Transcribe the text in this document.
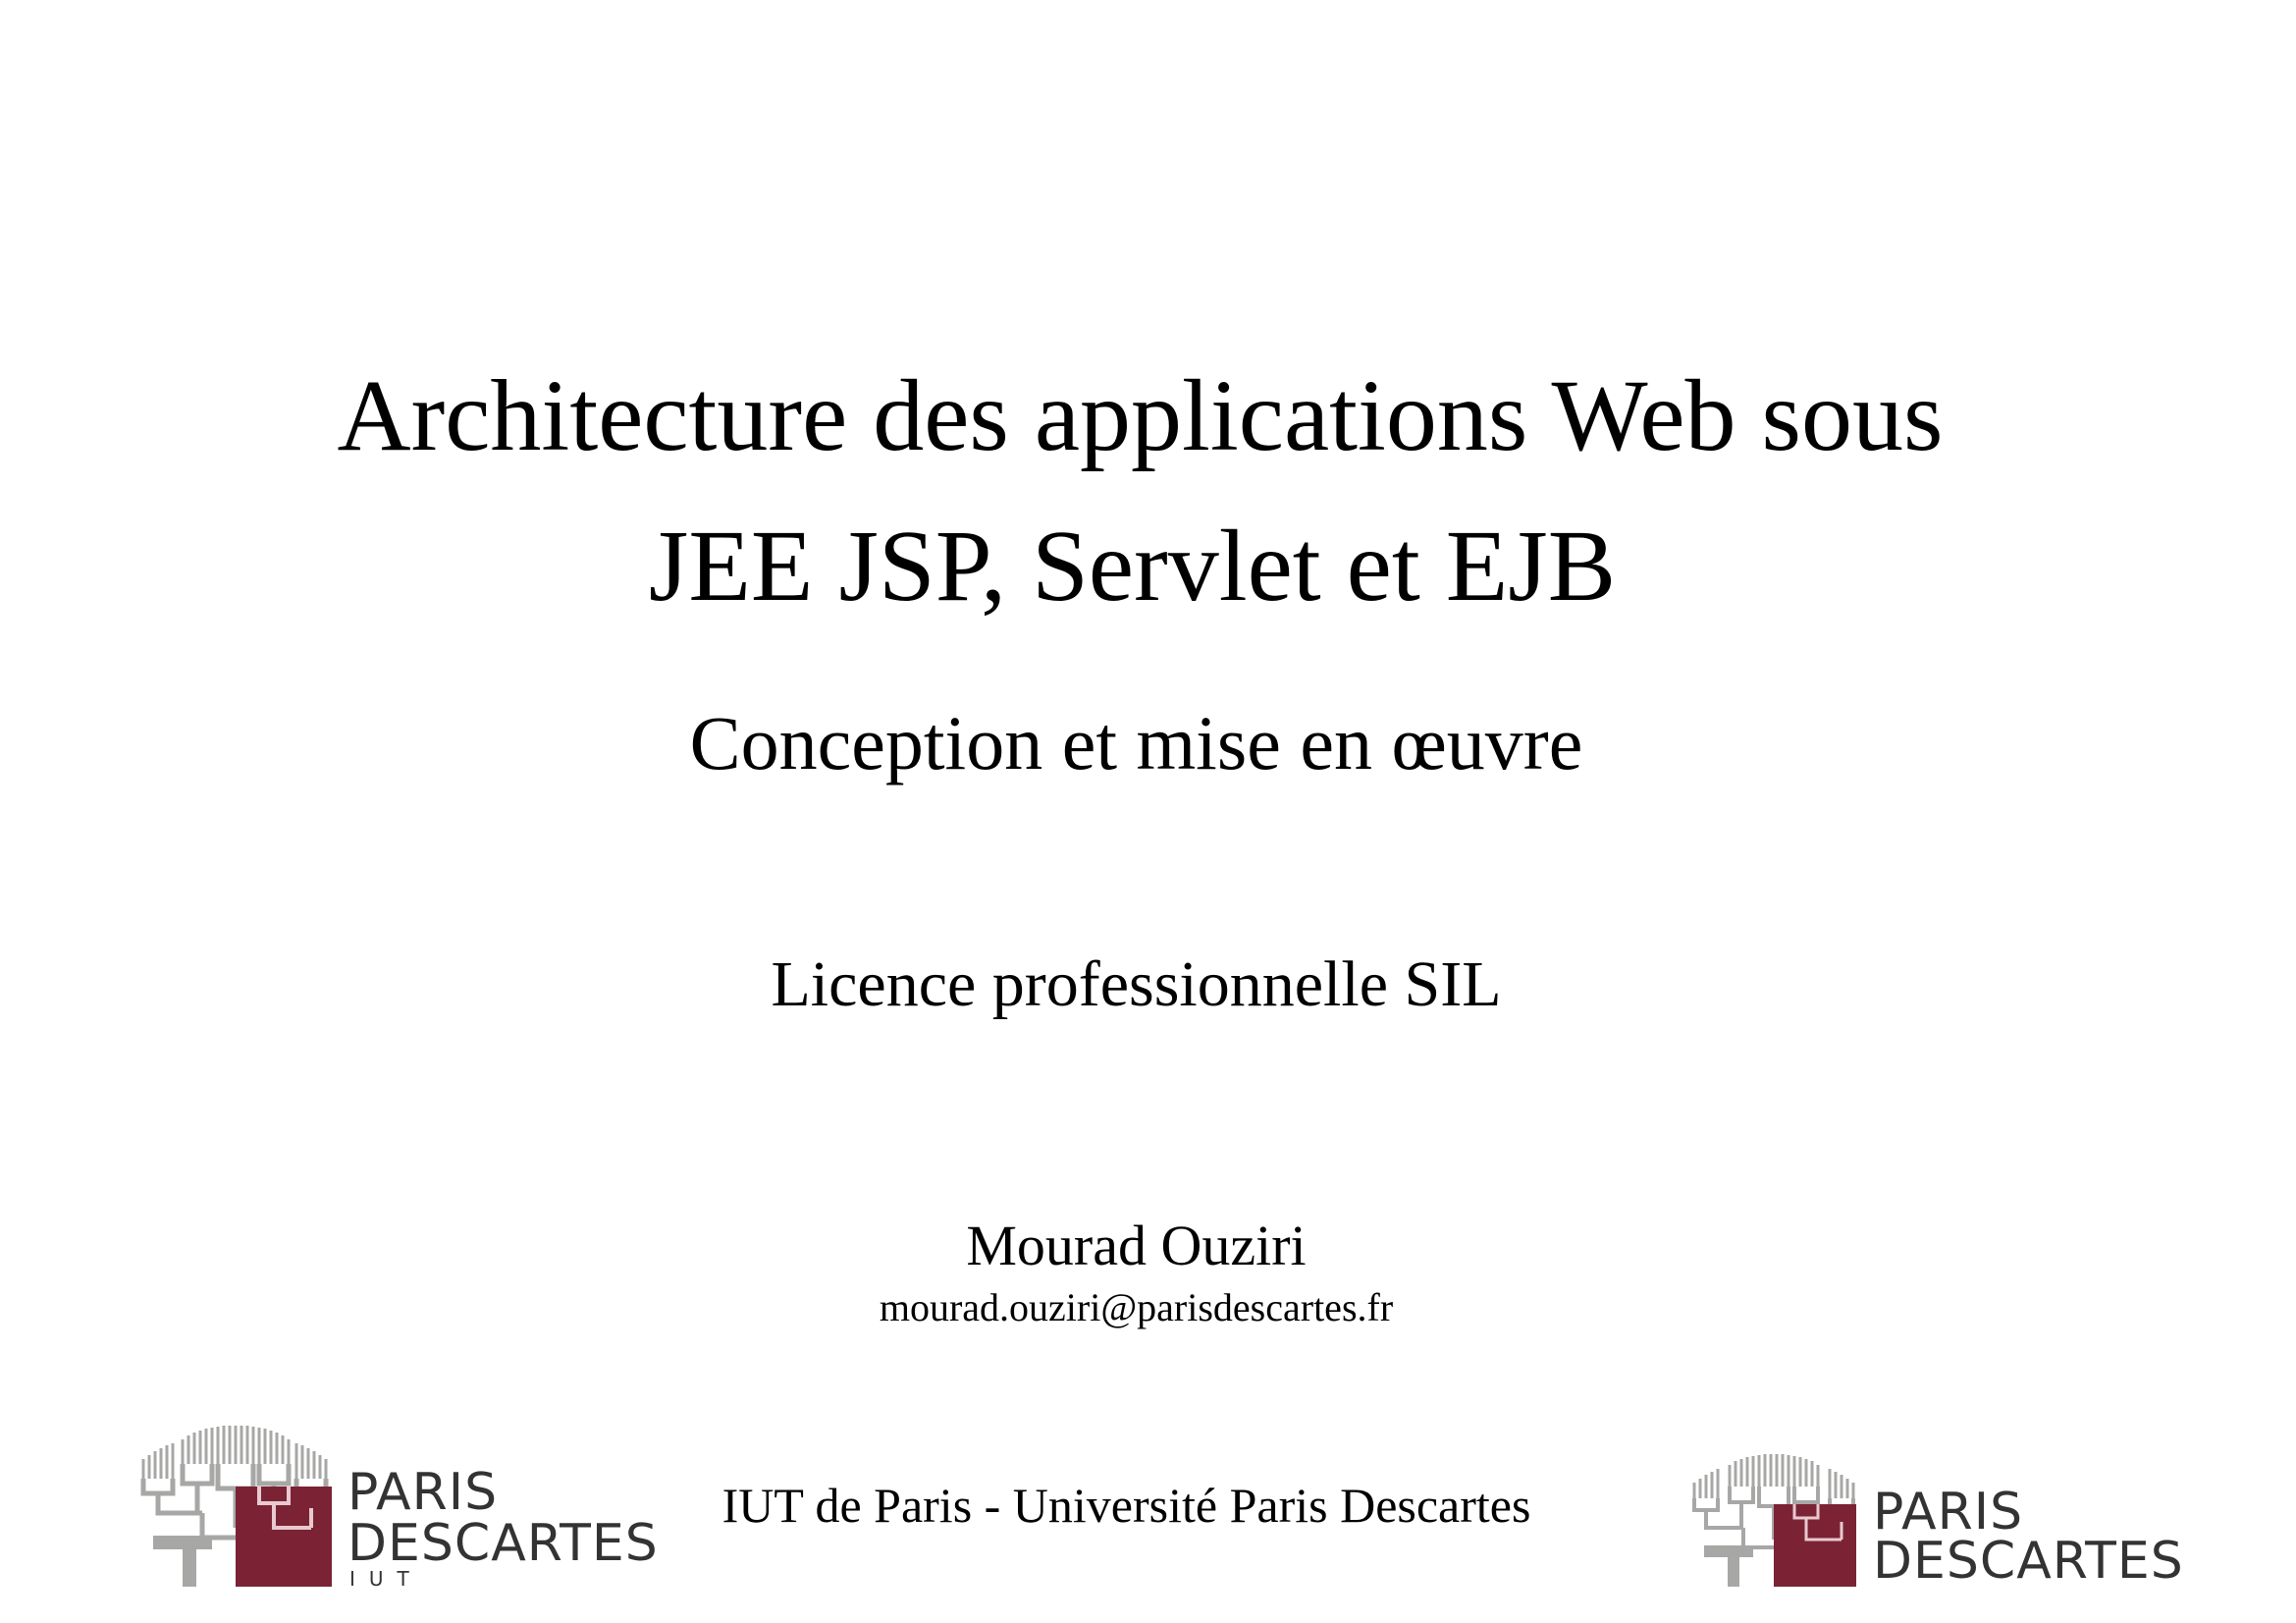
Architecture des applications Web sous
JEE JSP, Servlet et EJB
Conception et mise en œuvre
Licence professionnelle SIL
Mourad Ouziri
mourad.ouziri@parisdescartes.fr
IUT de Paris - Université Paris Descartes
PARIS
DESCARTES
IUT
PARIS
DESCARTES
